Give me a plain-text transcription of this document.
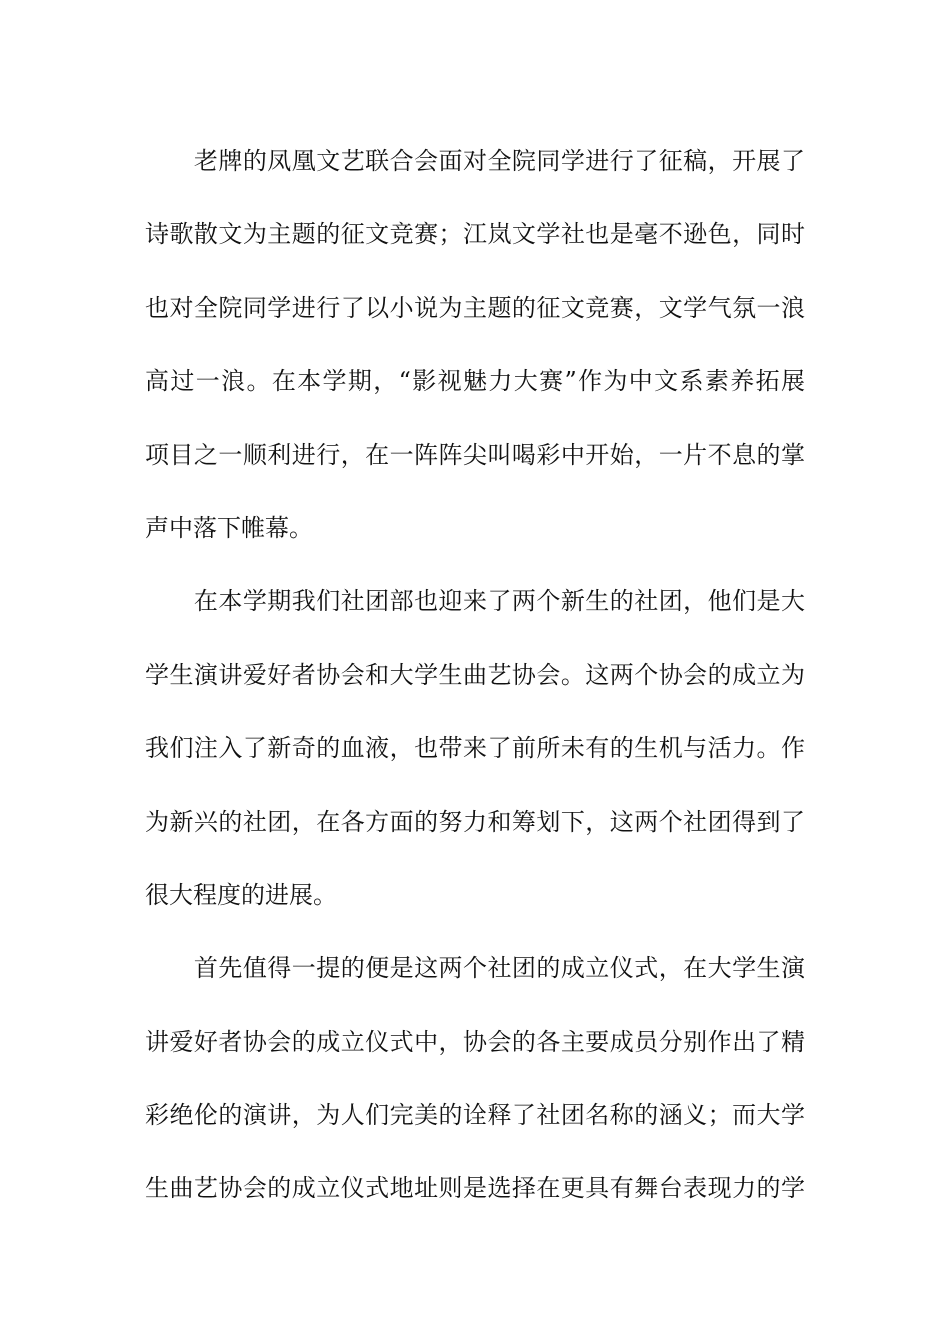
　　老牌的凤凰文艺联合会面对全院同学进行了征稿，开展了
诗歌散文为主题的征文竞赛；江岚文学社也是毫不逊色，同时
也对全院同学进行了以小说为主题的征文竞赛，文学气氛一浪
高过一浪。在本学期，“影视魅力大赛”作为中文系素养拓展
项目之一顺利进行，在一阵阵尖叫喝彩中开始，一片不息的掌
声中落下帷幕。
　　在本学期我们社团部也迎来了两个新生的社团，他们是大
学生演讲爱好者协会和大学生曲艺协会。这两个协会的成立为
我们注入了新奇的血液，也带来了前所未有的生机与活力。作
为新兴的社团，在各方面的努力和筹划下，这两个社团得到了
很大程度的进展。
　　首先值得一提的便是这两个社团的成立仪式，在大学生演
讲爱好者协会的成立仪式中，协会的各主要成员分别作出了精
彩绝伦的演讲，为人们完美的诠释了社团名称的涵义；而大学
生曲艺协会的成立仪式地址则是选择在更具有舞台表现力的学
